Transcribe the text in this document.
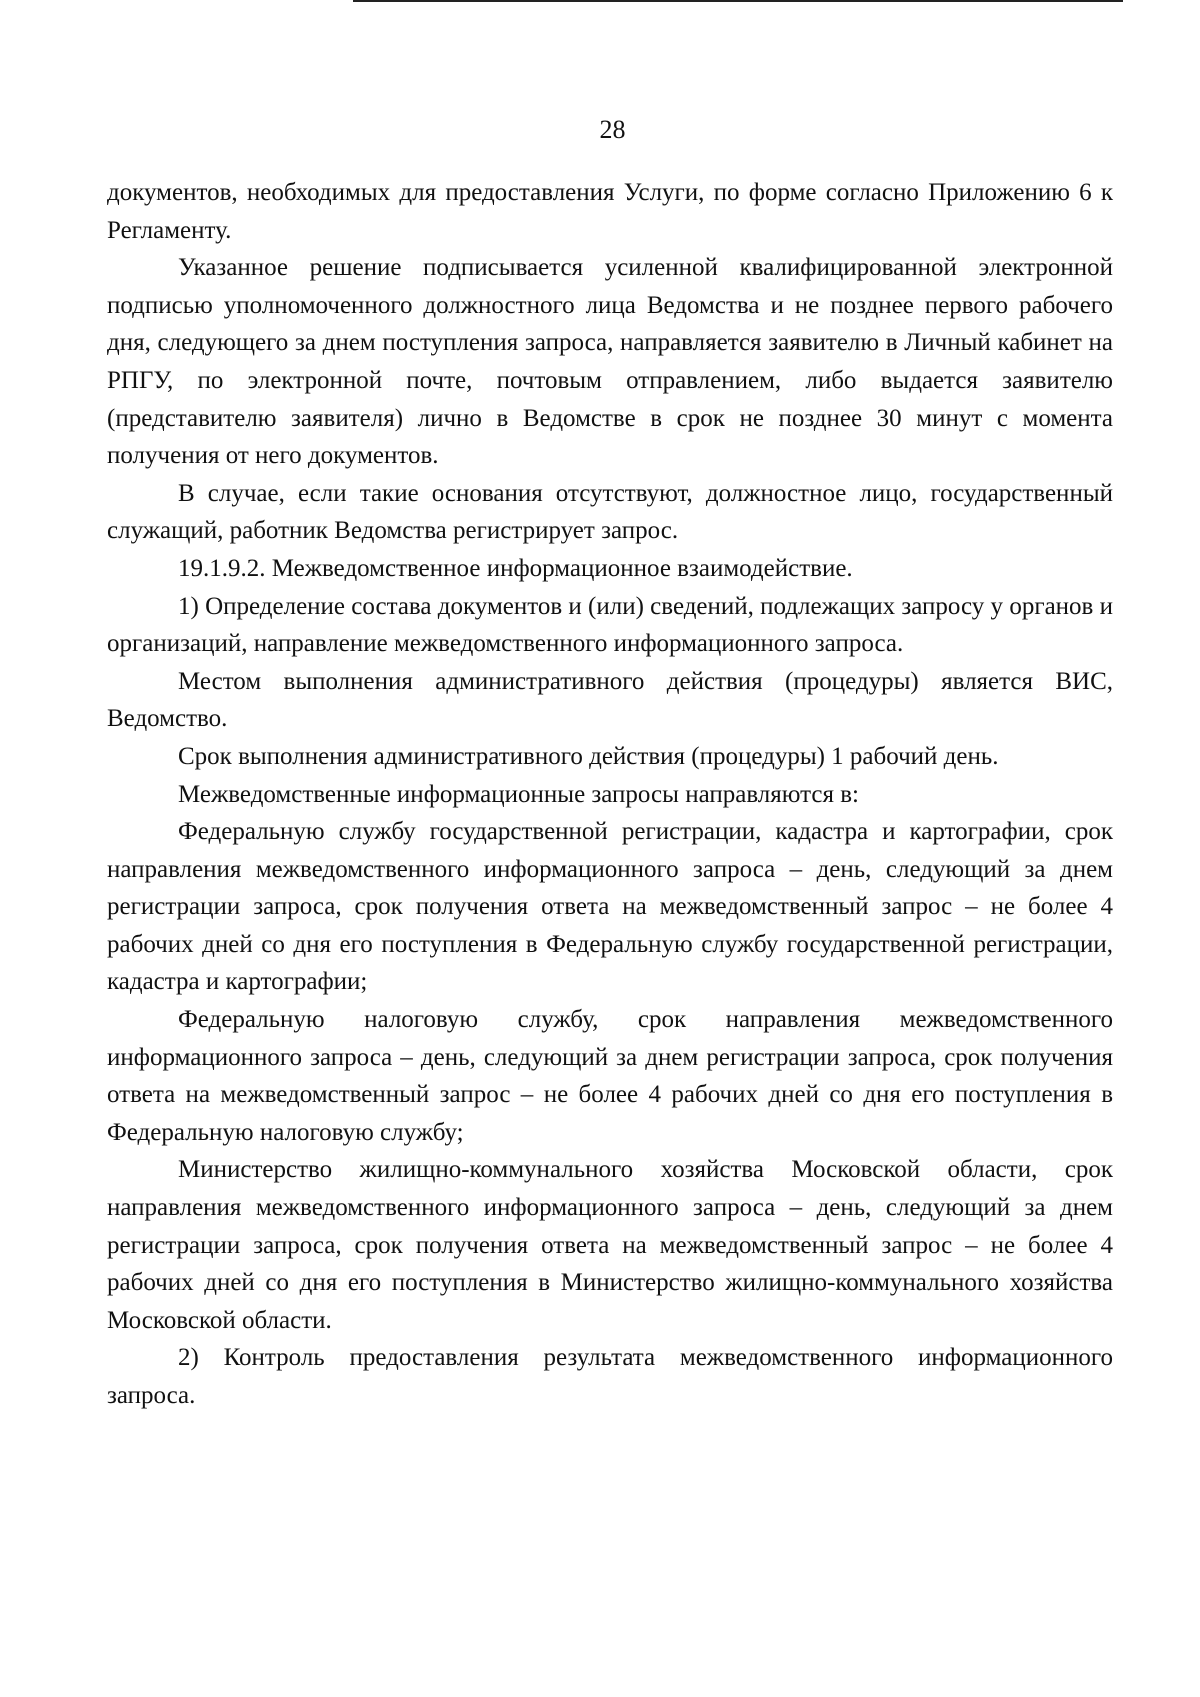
28

документов, необходимых для предоставления Услуги, по форме согласно Приложению 6 к Регламенту.

Указанное решение подписывается усиленной квалифицированной электронной подписью уполномоченного должностного лица Ведомства и не позднее первого рабочего дня, следующего за днем поступления запроса, направляется заявителю в Личный кабинет на РПГУ, по электронной почте, почтовым отправлением, либо выдается заявителю (представителю заявителя) лично в Ведомстве в срок не позднее 30 минут с момента получения от него документов.

В случае, если такие основания отсутствуют, должностное лицо, государственный служащий, работник Ведомства регистрирует запрос.

19.1.9.2. Межведомственное информационное взаимодействие.

1) Определение состава документов и (или) сведений, подлежащих запросу у органов и организаций, направление межведомственного информационного запроса.

Местом выполнения административного действия (процедуры) является ВИС, Ведомство.

Срок выполнения административного действия (процедуры) 1 рабочий день.

Межведомственные информационные запросы направляются в:

Федеральную службу государственной регистрации, кадастра и картографии, срок направления межведомственного информационного запроса – день, следующий за днем регистрации запроса, срок получения ответа на межведомственный запрос – не более 4 рабочих дней со дня его поступления в Федеральную службу государственной регистрации, кадастра и картографии;

Федеральную налоговую службу, срок направления межведомственного информационного запроса – день, следующий за днем регистрации запроса, срок получения ответа на межведомственный запрос – не более 4 рабочих дней со дня его поступления в Федеральную налоговую службу;

Министерство жилищно-коммунального хозяйства Московской области, срок направления межведомственного информационного запроса – день, следующий за днем регистрации запроса, срок получения ответа на межведомственный запрос – не более 4 рабочих дней со дня его поступления в Министерство жилищно-коммунального хозяйства Московской области.

2) Контроль предоставления результата межведомственного информационного запроса.
